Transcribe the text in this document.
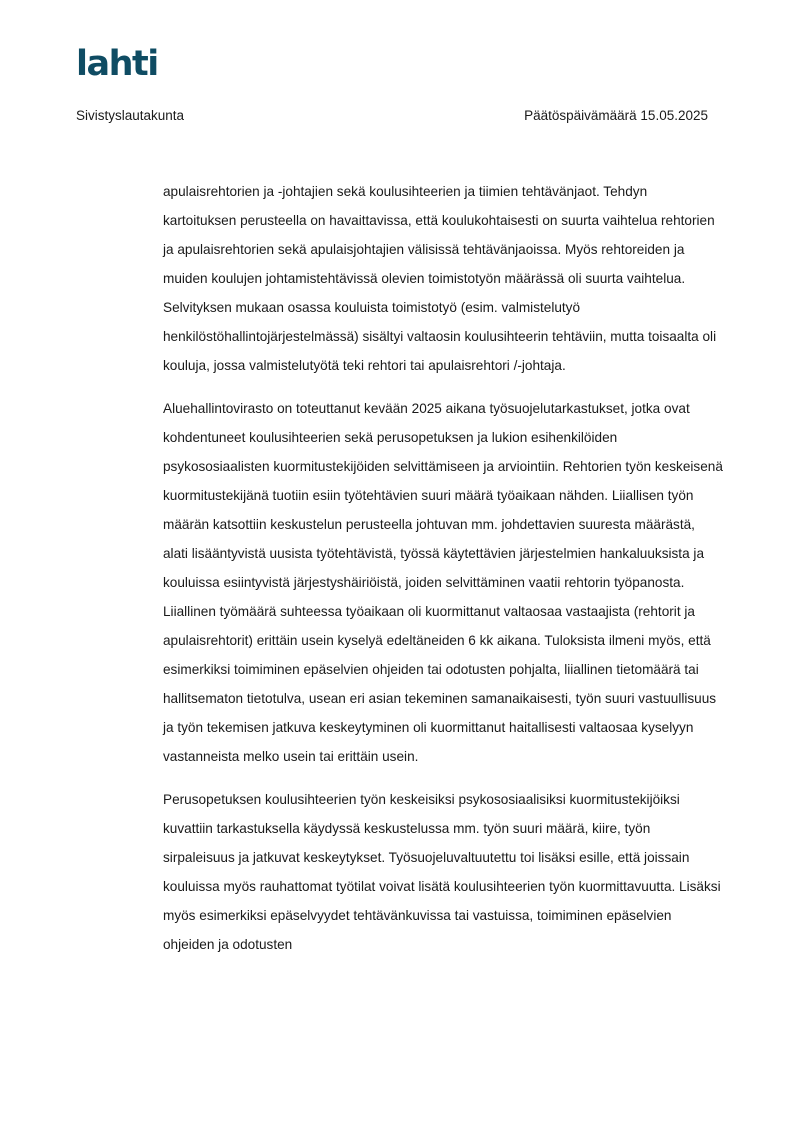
lahti
Sivistyslautakunta	Päätöspäivämäärä 15.05.2025

apulaisrehtorien ja -johtajien sekä koulusihteerien ja tiimien tehtävänjaot. Tehdyn kartoituksen perusteella on havaittavissa, että koulukohtaisesti on suurta vaihtelua rehtorien ja apulaisrehtorien sekä apulaisjohtajien välisissä tehtävänjaoissa. Myös rehtoreiden ja muiden koulujen johtamistehtävissä olevien toimistotyön määrässä oli suurta vaihtelua. Selvityksen mukaan osassa kouluista toimistotyö (esim. valmistelutyö henkilöstöhallintojärjestelmässä) sisältyi valtaosin koulusihteerin tehtäviin, mutta toisaalta oli kouluja, jossa valmistelutyötä teki rehtori tai apulaisrehtori /-johtaja.

Aluehallintovirasto on toteuttanut kevään 2025 aikana työsuojelutarkastukset, jotka ovat kohdentuneet koulusihteerien sekä perusopetuksen ja lukion esihenkilöiden psykososiaalisten kuormitustekijöiden selvittämiseen ja arviointiin. Rehtorien työn keskeisenä kuormitustekijänä tuotiin esiin työtehtävien suuri määrä työaikaan nähden. Liiallisen työn määrän katsottiin keskustelun perusteella johtuvan mm. johdettavien suuresta määrästä, alati lisääntyvistä uusista työtehtävistä, työssä käytettävien järjestelmien hankaluuksista ja kouluissa esiintyvistä järjestyshäiriöistä, joiden selvittäminen vaatii rehtorin työpanosta. Liiallinen työmäärä suhteessa työaikaan oli kuormittanut valtaosaa vastaajista (rehtorit ja apulaisrehtorit) erittäin usein kyselyä edeltäneiden 6 kk aikana. Tuloksista ilmeni myös, että esimerkiksi toimiminen epäselvien ohjeiden tai odotusten pohjalta, liiallinen tietomäärä tai hallitsematon tietotulva, usean eri asian tekeminen samanaikaisesti, työn suuri vastuullisuus ja työn tekemisen jatkuva keskeytyminen oli kuormittanut haitallisesti valtaosaa kyselyyn vastanneista melko usein tai erittäin usein.

Perusopetuksen koulusihteerien työn keskeisiksi psykososiaalisiksi kuormitustekijöiksi kuvattiin tarkastuksella käydyssä keskustelussa mm. työn suuri määrä, kiire, työn sirpaleisuus ja jatkuvat keskeytykset. Työsuojeluvaltuutettu toi lisäksi esille, että joissain kouluissa myös rauhattomat työtilat voivat lisätä koulusihteerien työn kuormittavuutta. Lisäksi myös esimerkiksi epäselvyydet tehtävänkuvissa tai vastuissa, toimiminen epäselvien ohjeiden ja odotusten
